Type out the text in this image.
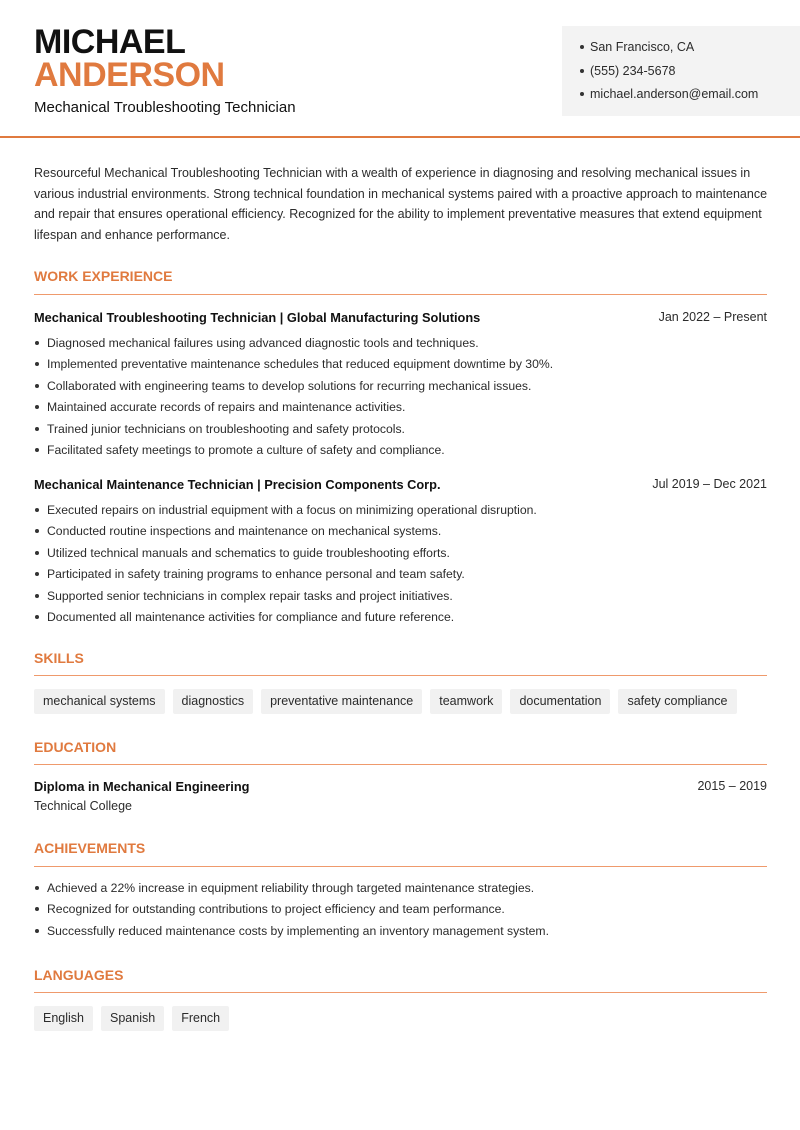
MICHAEL
ANDERSON

Mechanical Troubleshooting Technician

San Francisco, CA
(555) 234-5678
michael.anderson@email.com

Resourceful Mechanical Troubleshooting Technician with a wealth of experience in diagnosing and resolving mechanical issues in various industrial environments. Strong technical foundation in mechanical systems paired with a proactive approach to maintenance and repair that ensures operational efficiency. Recognized for the ability to implement preventative measures that extend equipment lifespan and enhance performance.

WORK EXPERIENCE
Mechanical Troubleshooting Technician | Global Manufacturing Solutions	Jan 2022 – Present
Diagnosed mechanical failures using advanced diagnostic tools and techniques.
Implemented preventative maintenance schedules that reduced equipment downtime by 30%.
Collaborated with engineering teams to develop solutions for recurring mechanical issues.
Maintained accurate records of repairs and maintenance activities.
Trained junior technicians on troubleshooting and safety protocols.
Facilitated safety meetings to promote a culture of safety and compliance.
Mechanical Maintenance Technician | Precision Components Corp.	Jul 2019 – Dec 2021
Executed repairs on industrial equipment with a focus on minimizing operational disruption.
Conducted routine inspections and maintenance on mechanical systems.
Utilized technical manuals and schematics to guide troubleshooting efforts.
Participated in safety training programs to enhance personal and team safety.
Supported senior technicians in complex repair tasks and project initiatives.
Documented all maintenance activities for compliance and future reference.
SKILLS
mechanical systems	diagnostics	preventative maintenance	teamwork	documentation	safety compliance
EDUCATION
Diploma in Mechanical Engineering	2015 – 2019
Technical College
ACHIEVEMENTS
Achieved a 22% increase in equipment reliability through targeted maintenance strategies.
Recognized for outstanding contributions to project efficiency and team performance.
Successfully reduced maintenance costs by implementing an inventory management system.
LANGUAGES
English	Spanish	French
